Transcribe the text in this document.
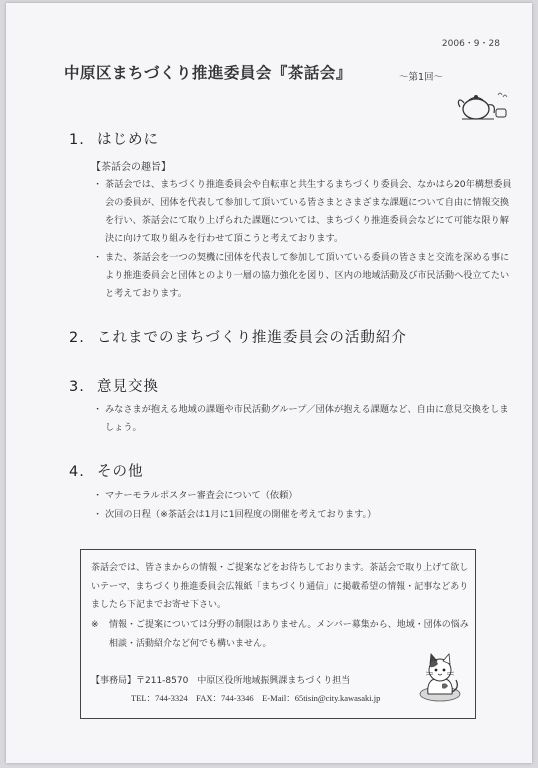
2006・9・28
中原区まちづくり推進委員会『茶話会』	〜第1回〜
1. はじめに
【茶話会の趣旨】
・ 茶話会では、まちづくり推進委員会や自転車と共生するまちづくり委員会、なかはら20年構想委員会の委員が、団体を代表して参加して頂いている皆さまとさまざまな課題について自由に情報交換を行い、茶話会にて取り上げられた課題については、まちづくり推進委員会などにて可能な限り解決に向けて取り組みを行わせて頂こうと考えております。
・ また、茶話会を一つの契機に団体を代表して参加して頂いている委員の皆さまと交流を深める事により推進委員会と団体とのより一層の協力強化を図り、区内の地域活動及び市民活動へ役立てたいと考えております。
2. これまでのまちづくり推進委員会の活動紹介
3. 意見交換
・ みなさまが抱える地域の課題や市民活動グループ／団体が抱える課題など、自由に意見交換をしましょう。
4. その他
・ マナーモラルポスター審査会について（依頼）
・ 次回の日程（※茶話会は1月に1回程度の開催を考えております。）
茶話会では、皆さまからの情報・ご提案などをお待ちしております。茶話会で取り上げて欲しいテーマ、まちづくり推進委員会広報紙「まちづくり通信」に掲載希望の情報・記事などありましたら下記までお寄せ下さい。
※	情報・ご提案については分野の制限はありません。メンバー募集から、地域・団体の悩み相談・活動紹介など何でも構いません。
【事務局】〒211-8570　中原区役所地域振興課まちづくり担当
TEL：744-3324　FAX：744-3346　E-Mail：65tisin@city.kawasaki.jp
